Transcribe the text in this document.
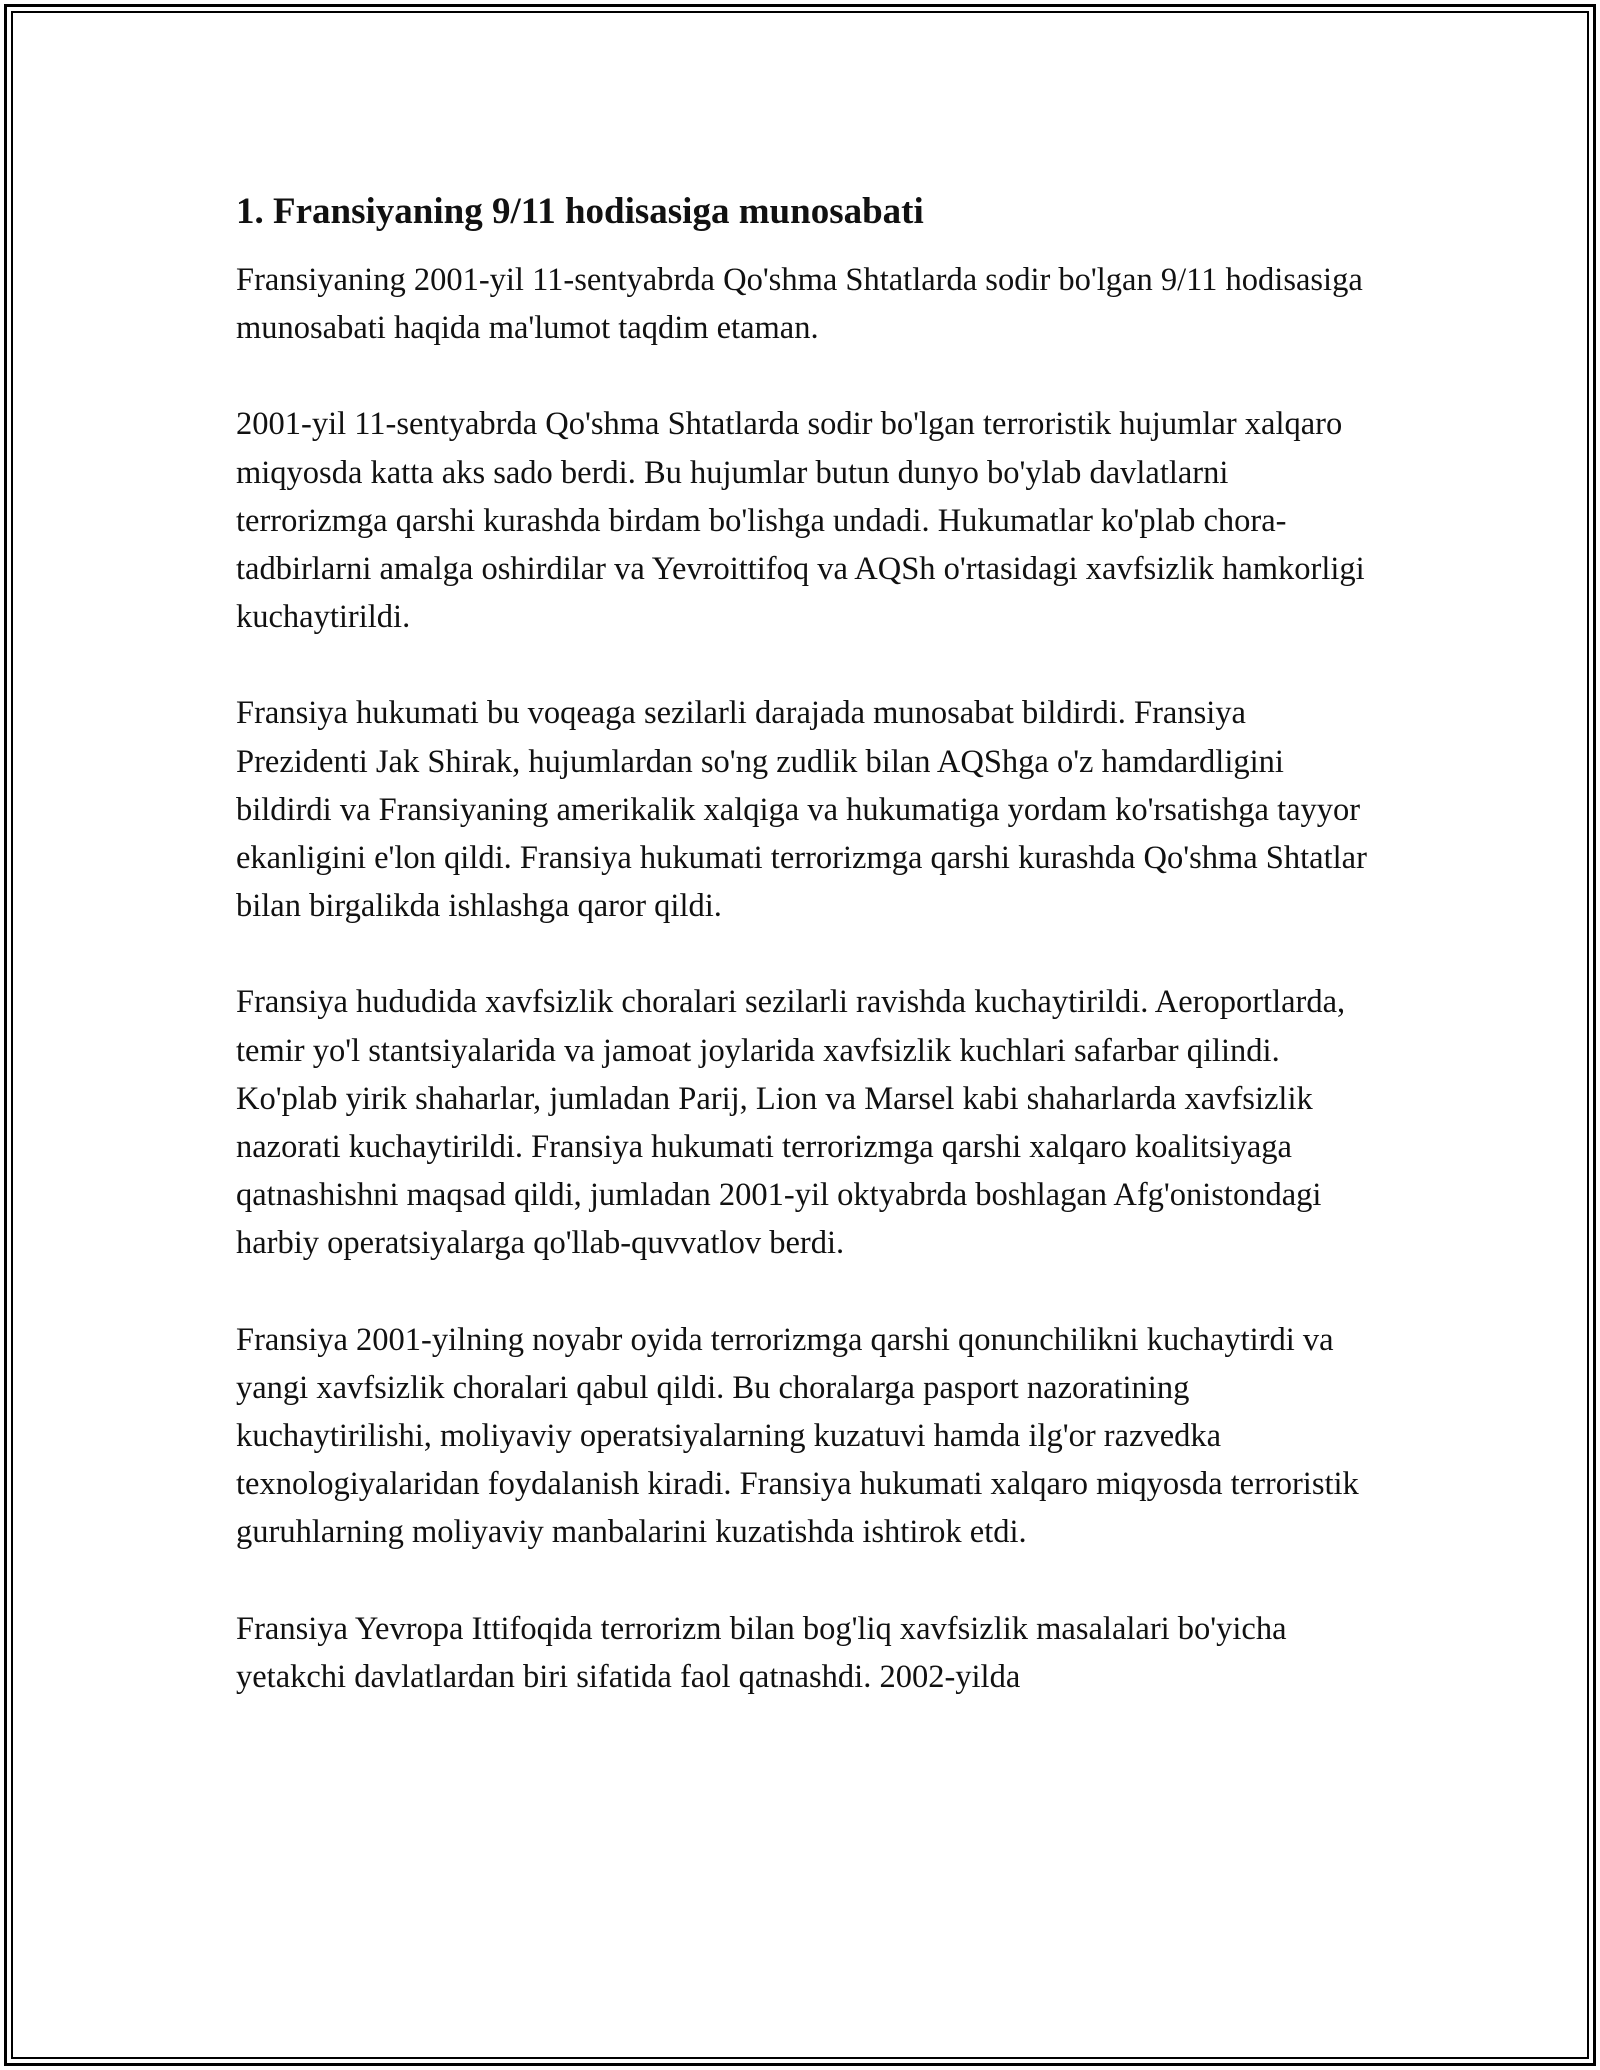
1. Fransiyaning 9/11 hodisasiga munosabati

Fransiyaning 2001-yil 11-sentyabrda Qo'shma Shtatlarda sodir bo'lgan 9/11 hodisasiga munosabati haqida ma'lumot taqdim etaman.

2001-yil 11-sentyabrda Qo'shma Shtatlarda sodir bo'lgan terroristik hujumlar xalqaro miqyosda katta aks sado berdi. Bu hujumlar butun dunyo bo'ylab davlatlarni terrorizmga qarshi kurashda birdam bo'lishga undadi. Hukumatlar ko'plab chora-tadbirlarni amalga oshirdilar va Yevroittifoq va AQSh o'rtasidagi xavfsizlik hamkorligi kuchaytirildi.

Fransiya hukumati bu voqeaga sezilarli darajada munosabat bildirdi. Fransiya Prezidenti Jak Shirak, hujumlardan so'ng zudlik bilan AQShga o'z hamdardligini bildirdi va Fransiyaning amerikalik xalqiga va hukumatiga yordam ko'rsatishga tayyor ekanligini e'lon qildi. Fransiya hukumati terrorizmga qarshi kurashda Qo'shma Shtatlar bilan birgalikda ishlashga qaror qildi.

Fransiya hududida xavfsizlik choralari sezilarli ravishda kuchaytirildi. Aeroportlarda, temir yo'l stantsiyalarida va jamoat joylarida xavfsizlik kuchlari safarbar qilindi. Ko'plab yirik shaharlar, jumladan Parij, Lion va Marsel kabi shaharlarda xavfsizlik nazorati kuchaytirildi. Fransiya hukumati terrorizmga qarshi xalqaro koalitsiyaga qatnashishni maqsad qildi, jumladan 2001-yil oktyabrda boshlagan Afg'onistondagi harbiy operatsiyalarga qo'llab-quvvatlov berdi.

Fransiya 2001-yilning noyabr oyida terrorizmga qarshi qonunchilikni kuchaytirdi va yangi xavfsizlik choralari qabul qildi. Bu choralarga pasport nazoratining kuchaytirilishi, moliyaviy operatsiyalarning kuzatuvi hamda ilg'or razvedka texnologiyalaridan foydalanish kiradi. Fransiya hukumati xalqaro miqyosda terroristik guruhlarning moliyaviy manbalarini kuzatishda ishtirok etdi.

Fransiya Yevropa Ittifoqida terrorizm bilan bog'liq xavfsizlik masalalari bo'yicha yetakchi davlatlardan biri sifatida faol qatnashdi. 2002-yilda
